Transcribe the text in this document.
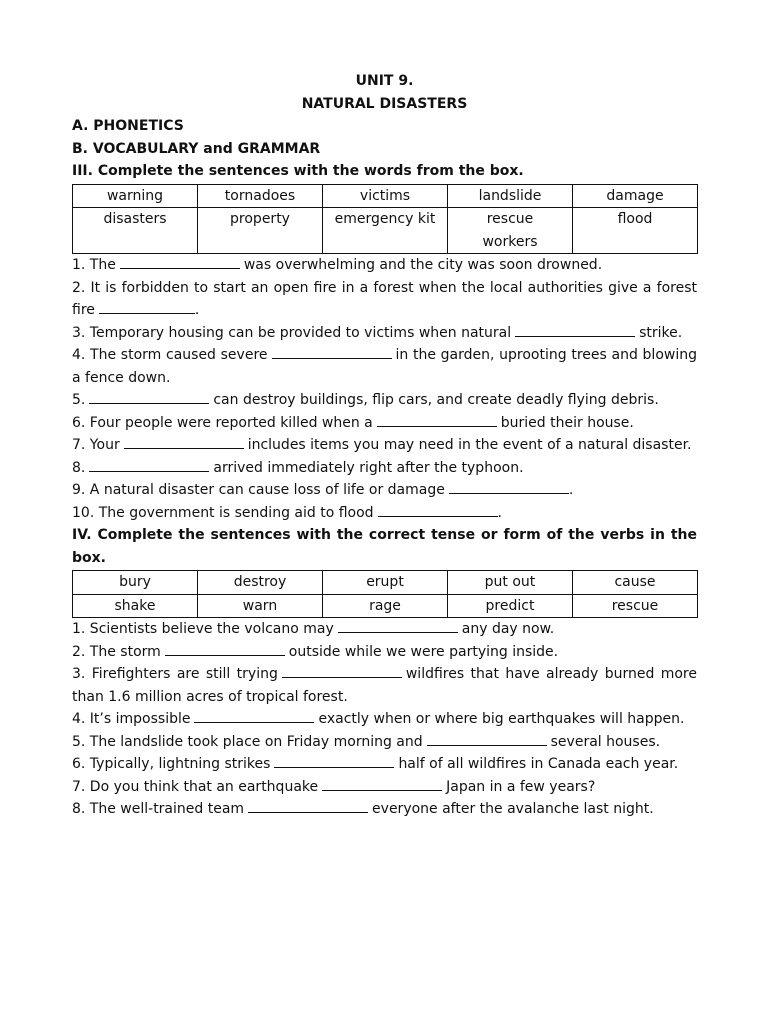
UNIT 9.
NATURAL DISASTERS
A. PHONETICS
B. VOCABULARY and GRAMMAR
III. Complete the sentences with the words from the box.
warning	tornadoes	victims	landslide	damage
disasters	property	emergency kit	rescue workers	flood
1. The	was overwhelming and the city was soon drowned.
2. It is forbidden to start an open fire in a forest when the local authorities give a forest fire	.
3. Temporary housing can be provided to victims when natural	strike.
4. The storm caused severe	in the garden, uprooting trees and blowing a fence down.
5.	can destroy buildings, flip cars, and create deadly flying debris.
6. Four people were reported killed when a	buried their house.
7. Your	includes items you may need in the event of a natural disaster.
8.	arrived immediately right after the typhoon.
9. A natural disaster can cause loss of life or damage	.
10. The government is sending aid to flood	.
IV. Complete the sentences with the correct tense or form of the verbs in the box.
bury	destroy	erupt	put out	cause
shake	warn	rage	predict	rescue
1. Scientists believe the volcano may	any day now.
2. The storm	outside while we were partying inside.
3. Firefighters are still trying	wildfires that have already burned more than 1.6 million acres of tropical forest.
4. It’s impossible	exactly when or where big earthquakes will happen.
5. The landslide took place on Friday morning and	several houses.
6. Typically, lightning strikes	half of all wildfires in Canada each year.
7. Do you think that an earthquake	Japan in a few years?
8. The well-trained team	everyone after the avalanche last night.
